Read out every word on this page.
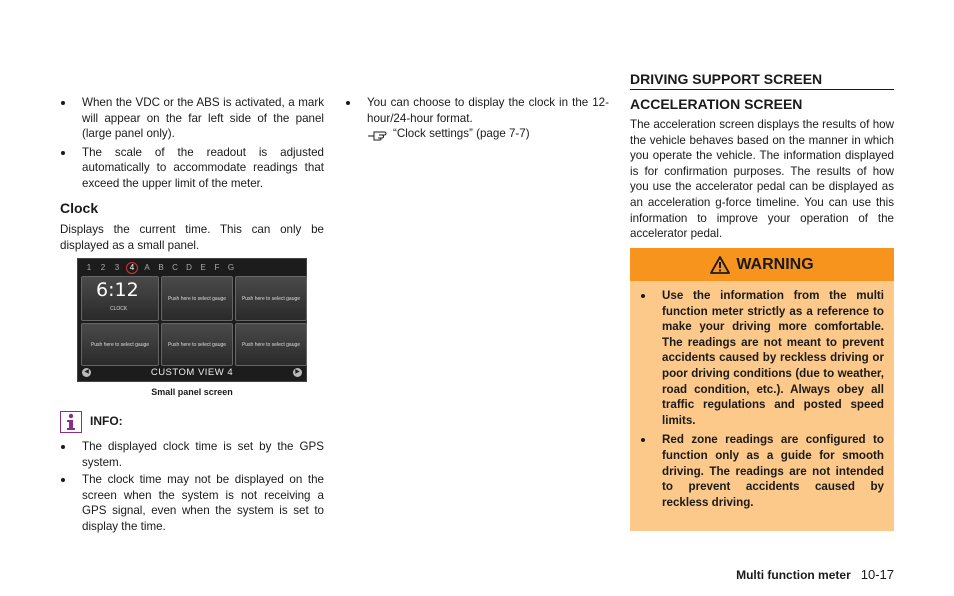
When the VDC or the ABS is activated, a mark will appear on the far left side of the panel (large panel only).
The scale of the readout is adjusted automatically to accommodate readings that exceed the upper limit of the meter.
Clock
Displays the current time. This can only be displayed as a small panel.
1	2	3	4	A B C D E	F	G
6:12
CLOCK
Push here to select gauge	Push here to select gauge
Push here to select gauge	Push here to select gauge	Push here to select gauge
◀	CUSTOM VIEW 4	▶
Small panel screen
INFO:
The displayed clock time is set by the GPS system.
The clock time may not be displayed on the screen when the system is not receiving a GPS signal, even when the system is set to display the time.
You can choose to display the clock in the 12-hour/24-hour format.
“Clock settings” (page 7-7)
DRIVING SUPPORT SCREEN
ACCELERATION SCREEN
The acceleration screen displays the results of how the vehicle behaves based on the manner in which you operate the vehicle. The information displayed is for confirmation purposes. The results of how you use the accelerator pedal can be displayed as an acceleration g-force timeline. You can use this information to improve your operation of the accelerator pedal.
WARNING
Use the information from the multi function meter strictly as a reference to make your driving more comfortable. The readings are not meant to prevent accidents caused by reckless driving or poor driving conditions (due to weather, road condition, etc.). Always obey all traffic regulations and posted speed limits.
Red zone readings are configured to function only as a guide for smooth driving. The readings are not intended to prevent accidents caused by reckless driving.
Multi function meter 10-17
